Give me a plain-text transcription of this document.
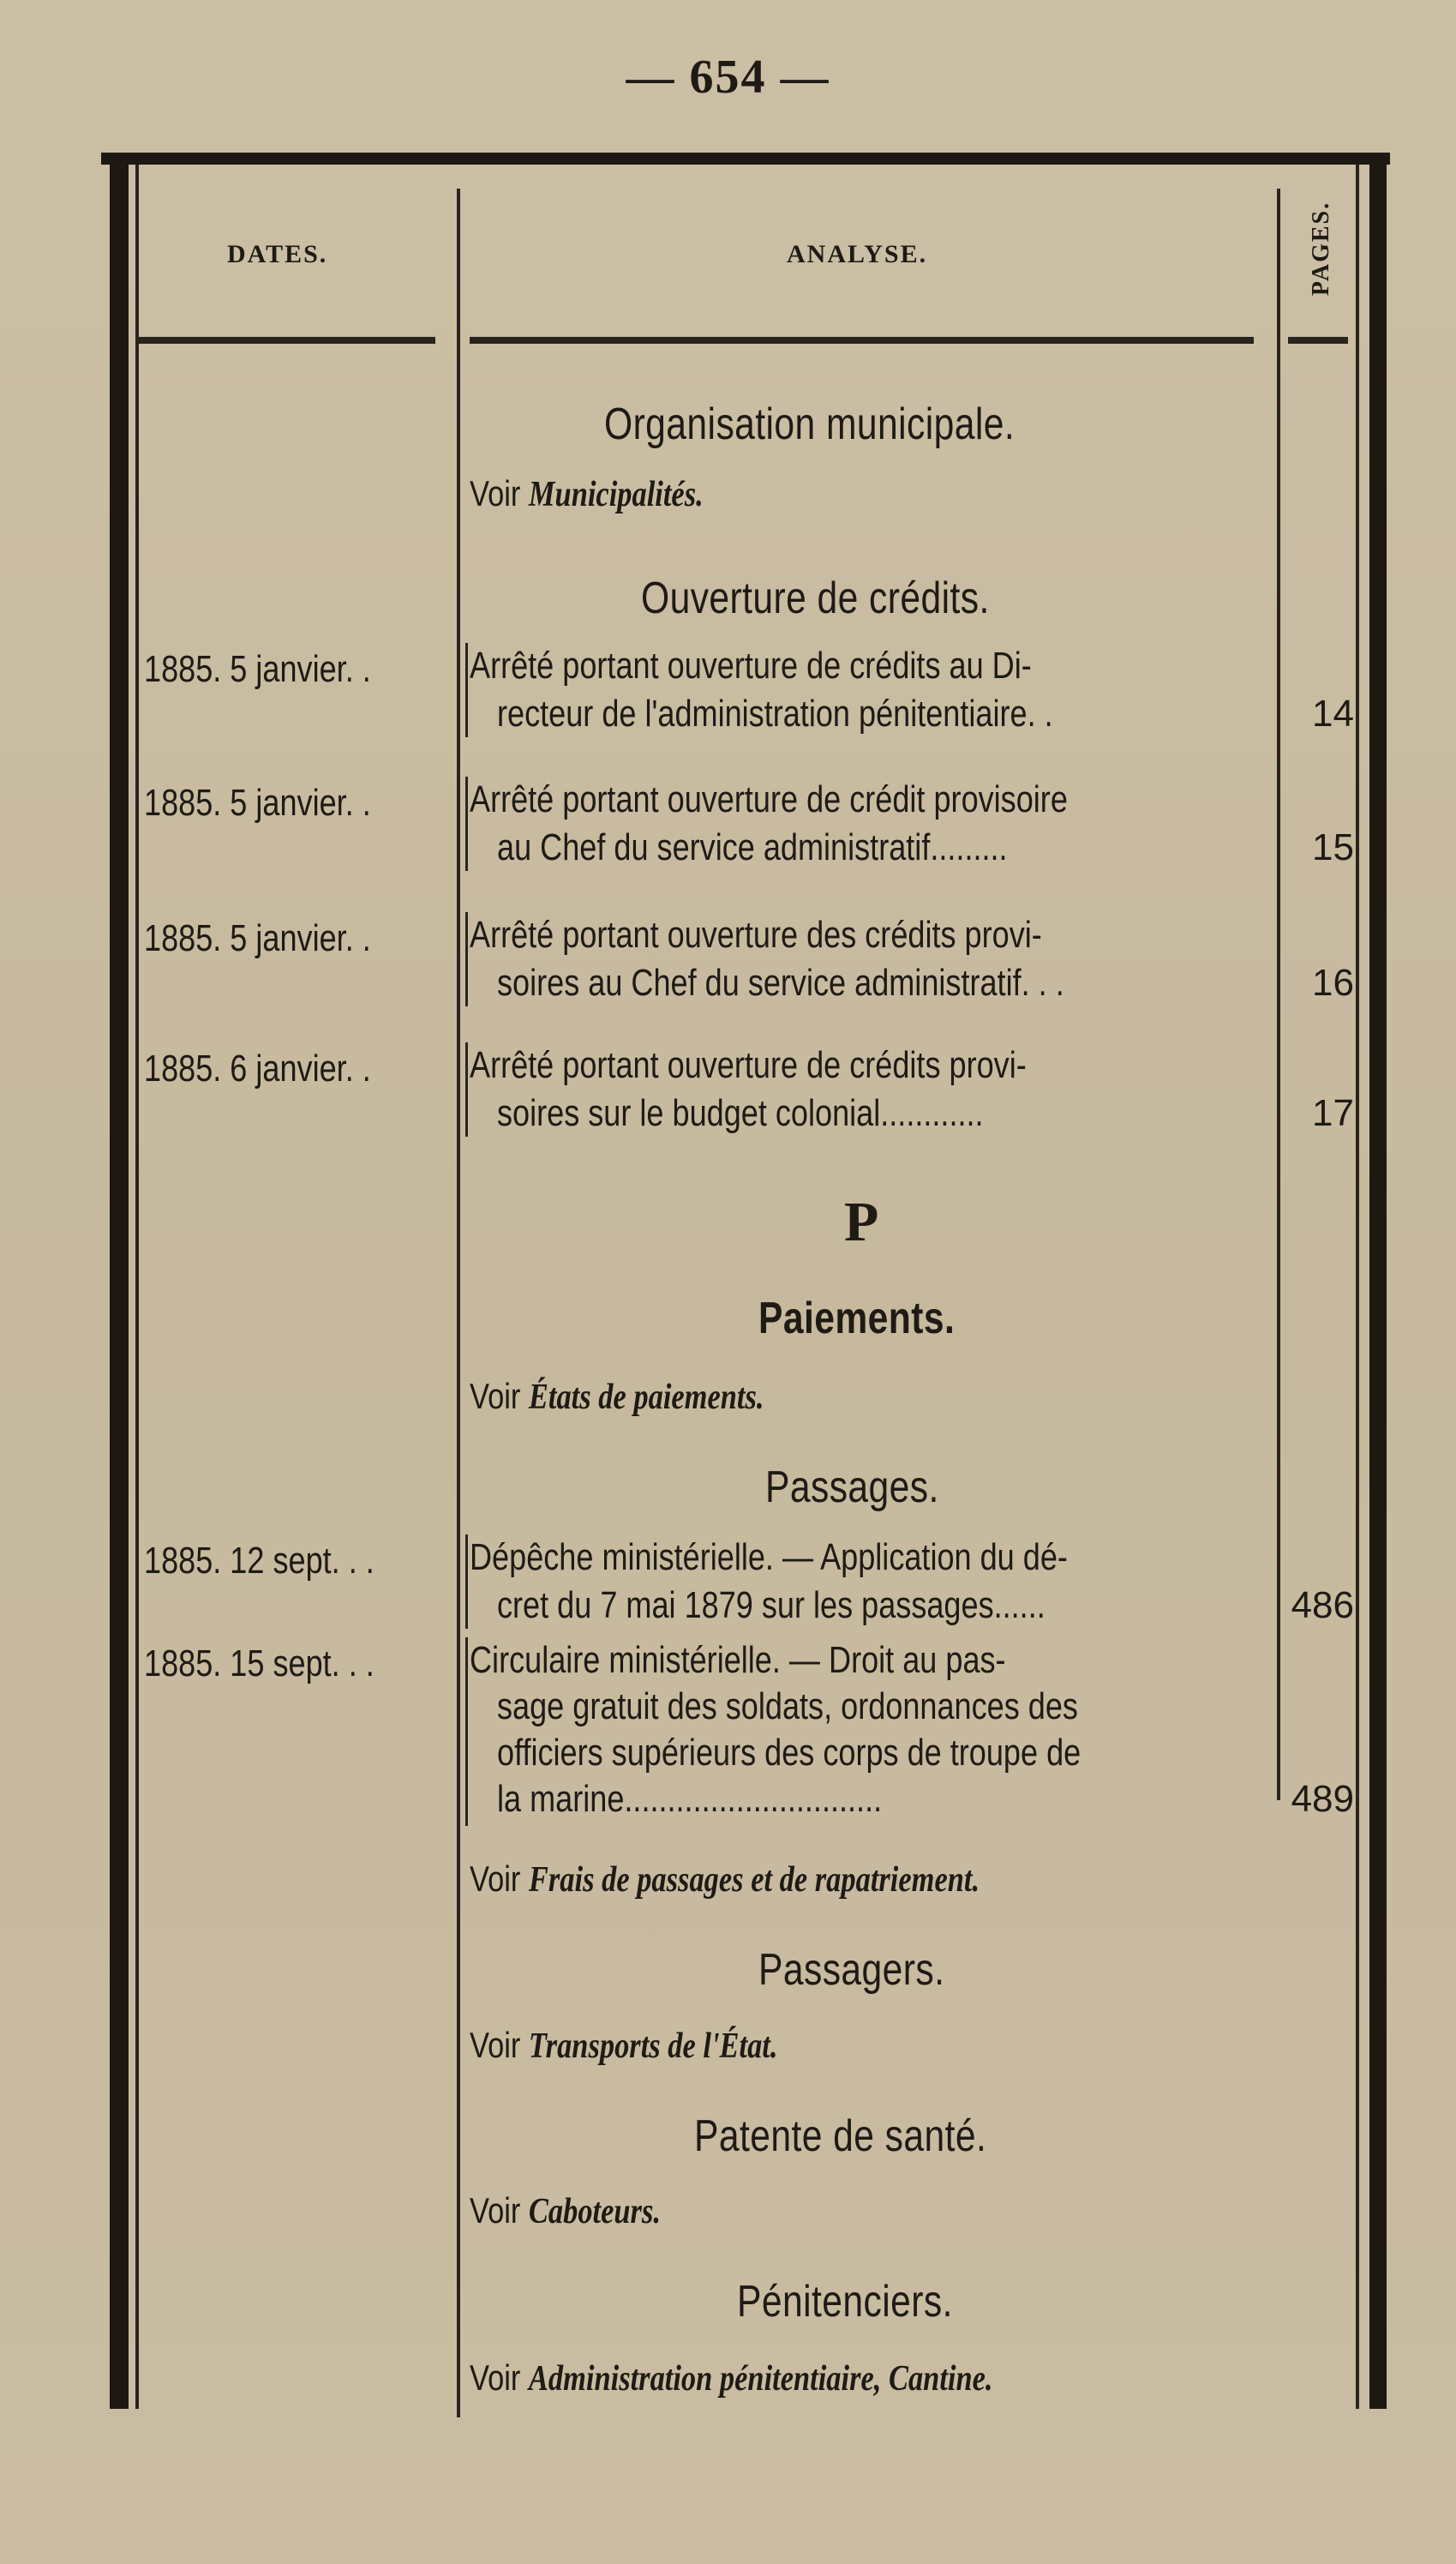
— 654 —
DATES.	ANALYSE.	PAGES.
Organisation municipale.
Voir Municipalités.
Ouverture de crédits.
1885. 5 janvier. .	Arrêté portant ouverture de crédits au Di-
recteur de l'administration pénitentiaire. .	14
1885. 5 janvier. .	Arrêté portant ouverture de crédit provisoire
au Chef du service administratif.........	15
1885. 5 janvier. .	Arrêté portant ouverture des crédits provi-
soires au Chef du service administratif. . .	16
1885. 6 janvier. .	Arrêté portant ouverture de crédits provi-
soires sur le budget colonial............	17
P
Paiements.
Voir États de paiements.
Passages.
1885. 12 sept. . .	Dépêche ministérielle. — Application du dé-
cret du 7 mai 1879 sur les passages......	486
1885. 15 sept. . .	Circulaire ministérielle. — Droit au pas-
sage gratuit des soldats, ordonnances des
officiers supérieurs des corps de troupe de
la marine..............................	489
Voir Frais de passages et de rapatriement.
Passagers.
Voir Transports de l'État.
Patente de santé.
Voir Caboteurs.
Pénitenciers.
Voir Administration pénitentiaire, Cantine.
